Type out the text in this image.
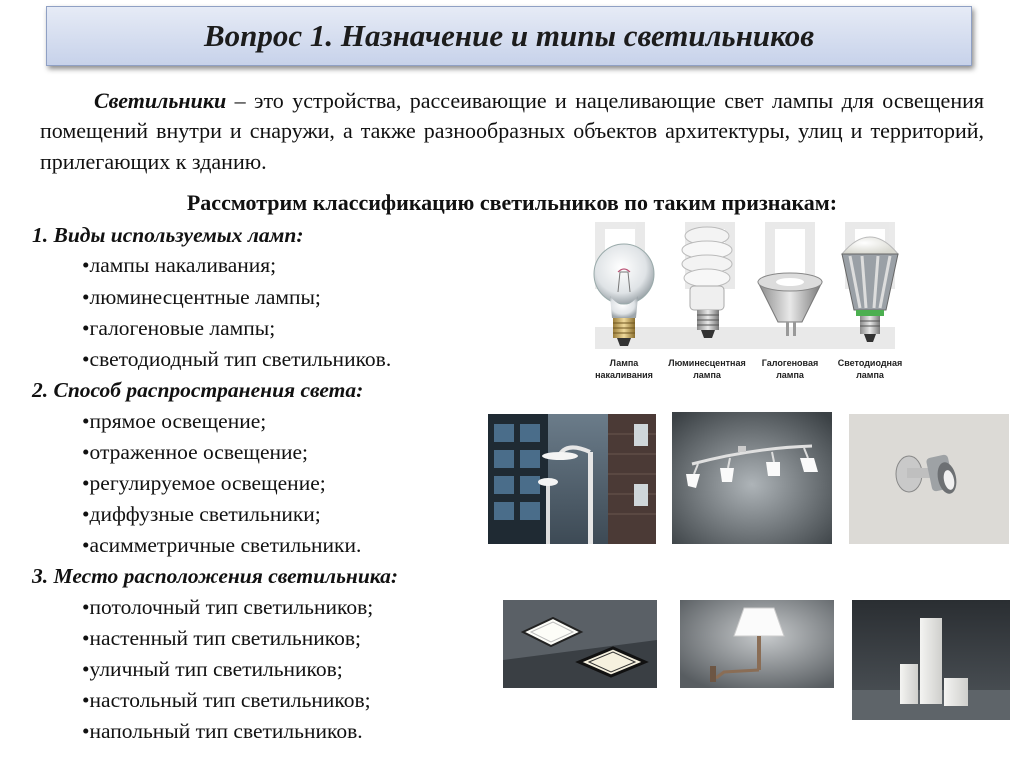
Вопрос 1. Назначение и типы светильников

Светильники – это устройства, рассеивающие и нацеливающие свет лампы для освещения помещений внутри и снаружи, а также разнообразных объектов архитектуры, улиц и территорий, прилегающих к зданию.

Рассмотрим классификацию светильников по таким признакам:

1. Виды используемых ламп:
•лампы накаливания;
•люминесцентные лампы;
•галогеновые лампы;
•светодиодный тип светильников.
2. Способ распространения света:
•прямое освещение;
•отраженное освещение;
•регулируемое освещение;
•диффузные светильники;
•асимметричные светильники.
3. Место расположения светильника:
•потолочный тип светильников;
•настенный тип светильников;
•уличный тип светильников;
•настольный тип светильников;
•напольный тип светильников.
Лампа
накаливания
Люминесцентная
лампа
Галогеновая
лампа
Светодиодная
лампа
